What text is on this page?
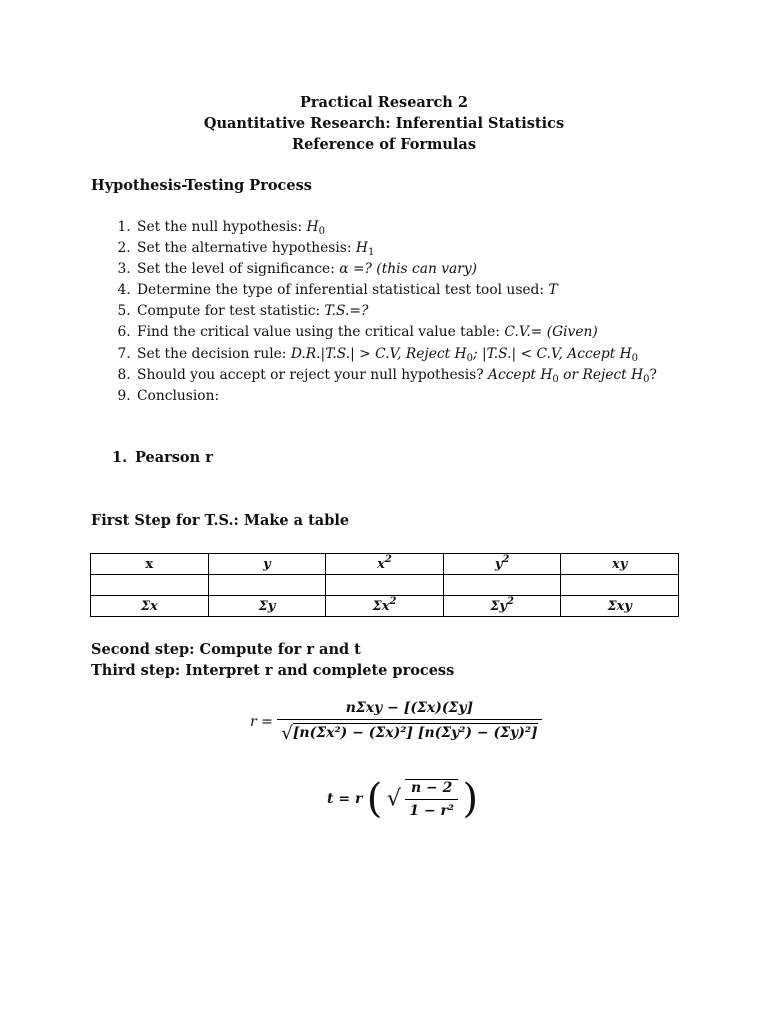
Practical Research 2
Quantitative Research: Inferential Statistics
Reference of Formulas
Hypothesis-Testing Process
1. Set the null hypothesis: $H_0$
2. Set the alternative hypothesis: $H_1$
3. Set the level of significance: α =? (this can vary)
4. Determine the type of inferential statistical test tool used: T
5. Compute for test statistic: T.S.=?
6. Find the critical value using the critical value table: C.V.= (Given)
7. Set the decision rule: D.R.|T.S.| > C.V, Reject $H_0$; |T.S.| < C.V, Accept $H_0$
8. Should you accept or reject your null hypothesis? Accept $H_0$ or Reject $H_0$?
9. Conclusion:
1. Pearson r
First Step for T.S.: Make a table
x	y	$x^2$	$y^2$	xy

Σx	Σy	$\Sigma x^2$	$\Sigma y^2$	Σxy
Second step: Compute for r and t
Third step: Interpret r and complete process
$r = \frac{\text{nΣxy − [(Σx)(Σy]}}{\text{√[n(Σx²) − (Σx)²] [n(Σy²) − (Σy)²]}}$
t = r ( √ $\frac{n - 2}{\text{1 − r²}}$ )
